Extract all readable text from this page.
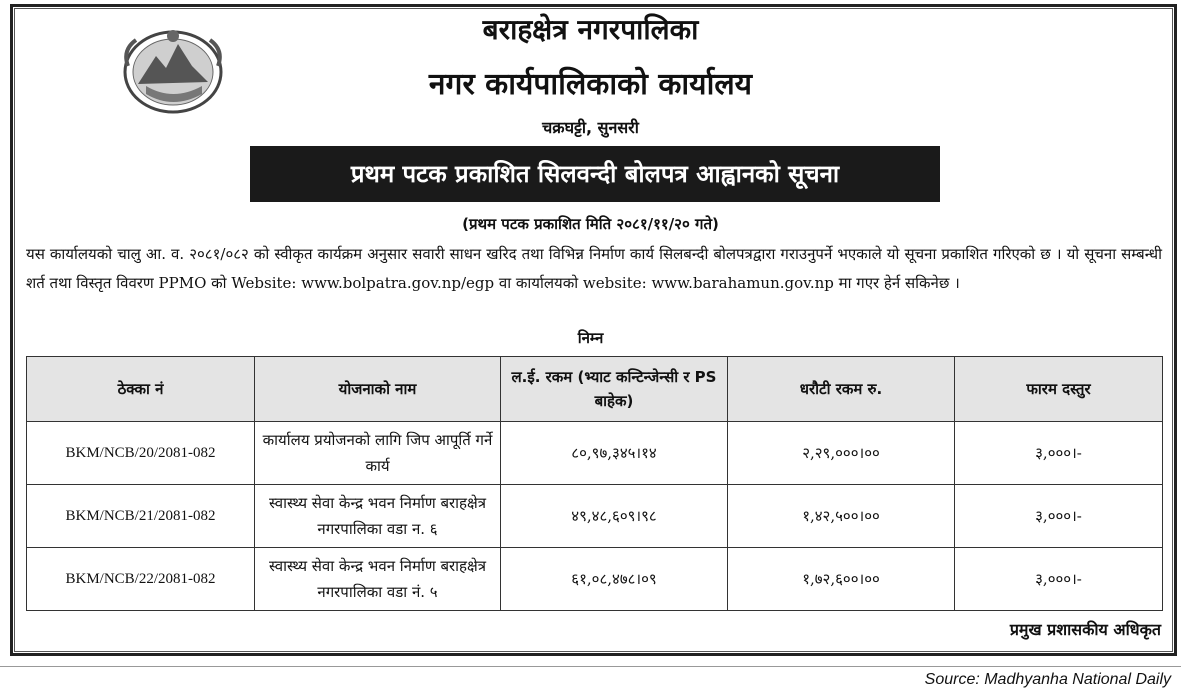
बराहक्षेत्र नगरपालिका
नगर कार्यपालिकाको कार्यालय
चक्रघट्टी, सुनसरी
प्रथम पटक प्रकाशित सिलवन्दी बोलपत्र आह्वानको सूचना
(प्रथम पटक प्रकाशित मिति २०८१/११/२० गते)
यस कार्यालयको चालु आ. व. २०८१/०८२ को स्वीकृत कार्यक्रम अनुसार सवारी साधन खरिद तथा विभिन्न निर्माण कार्य सिलबन्दी बोलपत्रद्वारा गराउनुपर्ने भएकाले यो सूचना प्रकाशित गरिएको छ । यो सूचना सम्बन्धी शर्त तथा विस्तृत विवरण PPMO को Website: www.bolpatra.gov.np/egp वा कार्यालयको website: www.barahamun.gov.np मा गएर हेर्न सकिनेछ ।
निम्न
ठेक्का नं	योजनाको नाम	ल.ई. रकम (भ्याट कन्टिन्जेन्सी र PS बाहेक)	धरौटी रकम रु.	फारम दस्तुर
BKM/NCB/20/2081-082	कार्यालय प्रयोजनको लागि जिप आपूर्ति गर्ने कार्य	८०,९७,३४५।१४	२,२९,०००।००	३,०००।-
BKM/NCB/21/2081-082	स्वास्थ्य सेवा केन्द्र भवन निर्माण बराहक्षेत्र नगरपालिका वडा न. ६	४९,४८,६०९।९८	१,४२,५००।००	३,०००।-
BKM/NCB/22/2081-082	स्वास्थ्य सेवा केन्द्र भवन निर्माण बराहक्षेत्र नगरपालिका वडा नं. ५	६१,०८,४७८।०९	१,७२,६००।००	३,०००।-
प्रमुख प्रशासकीय अधिकृत
Source: Madhyanha National Daily
